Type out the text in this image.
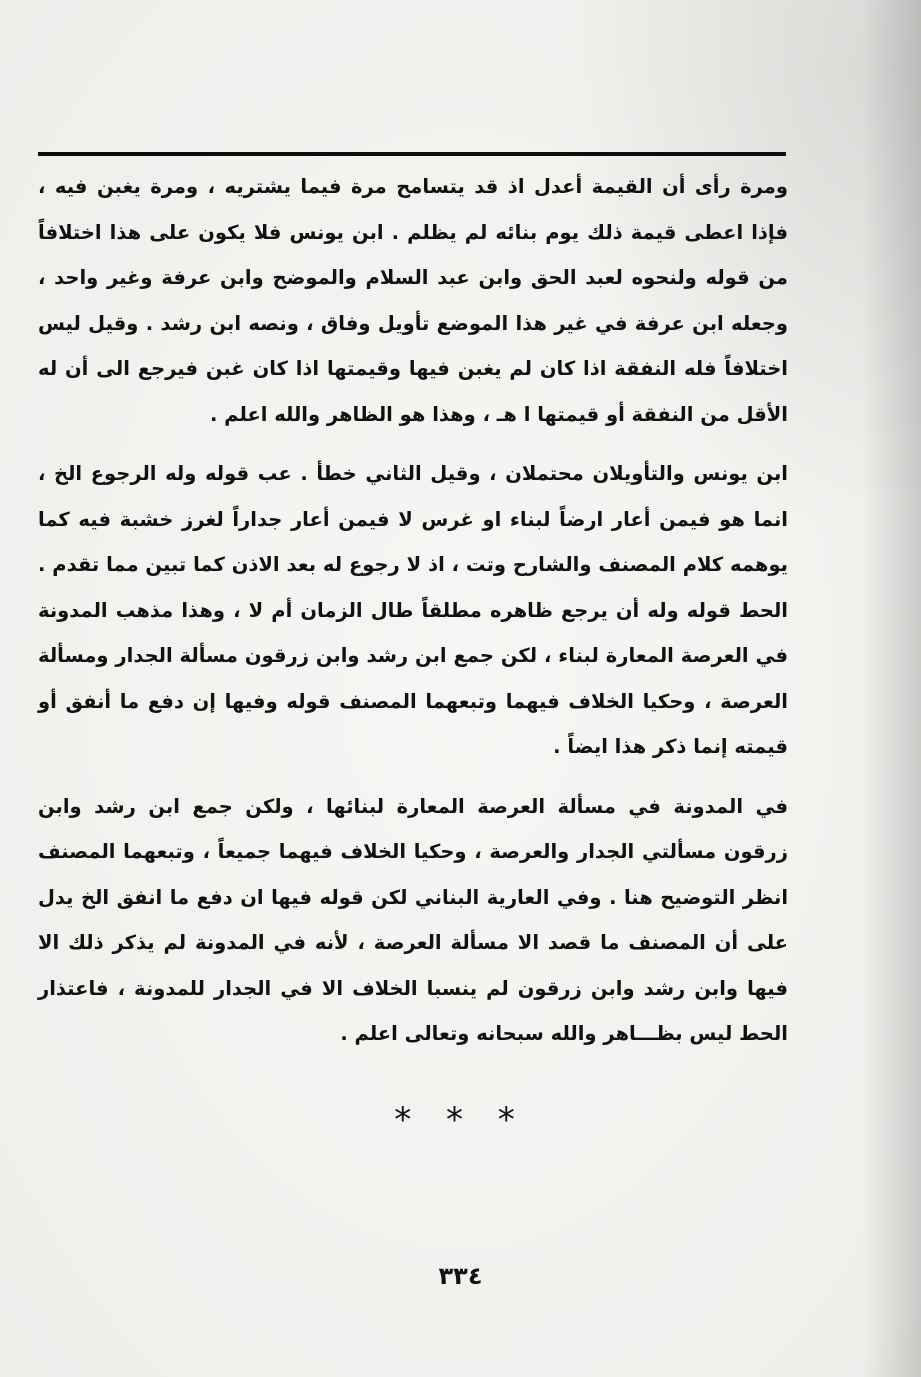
ومرة رأى أن القيمة أعدل اذ قد يتسامح مرة فيما يشتريه ، ومرة يغبن فيه ، فإذا اعطى قيمة ذلك يوم بنائه لم يظلم . ابن يونس فلا يكون على هذا اختلافاً من قوله ولنحوه لعبد الحق وابن عبد السلام والموضح وابن عرفة وغير واحد ، وجعله ابن عرفة في غير هذا الموضع تأويل وفاق ، ونصه ابن رشد . وقيل ليس اختلافاً فله النفقة اذا كان لم يغبن فيها وقيمتها اذا كان غبن فيرجع الى أن له الأقل من النفقة أو قيمتها ا هـ ، وهذا هو الظاهر والله اعلم .

ابن يونس والتأويلان محتملان ، وقيل الثاني خطأ . عب قوله وله الرجوع الخ ، انما هو فيمن أعار ارضاً لبناء او غرس لا فيمن أعار جداراً لغرز خشبة فيه كما يوهمه كلام المصنف والشارح وتت ، اذ لا رجوع له بعد الاذن كما تبين مما تقدم . الحط قوله وله أن يرجع ظاهره مطلقاً طال الزمان أم لا ، وهذا مذهب المدونة في العرصة المعارة لبناء ، لكن جمع ابن رشد وابن زرقون مسألة الجدار ومسألة العرصة ، وحكيا الخلاف فيهما وتبعهما المصنف قوله وفيها إن دفع ما أنفق أو قيمته إنما ذكر هذا ايضاً .

في المدونة في مسألة العرصة المعارة لبنائها ، ولكن جمع ابن رشد وابن زرقون مسألتي الجدار والعرصة ، وحكيا الخلاف فيهما جميعاً ، وتبعهما المصنف انظر التوضيح هنا . وفي العارية البناني لكن قوله فيها ان دفع ما انفق الخ يدل على أن المصنف ما قصد الا مسألة العرصة ، لأنه في المدونة لم يذكر ذلك الا فيها وابن رشد وابن زرقون لم ينسبا الخلاف الا في الجدار للمدونة ، فاعتذار الحط ليس بظـــاهر والله سبحانه وتعالى اعلم .

* * *
٣٣٤
